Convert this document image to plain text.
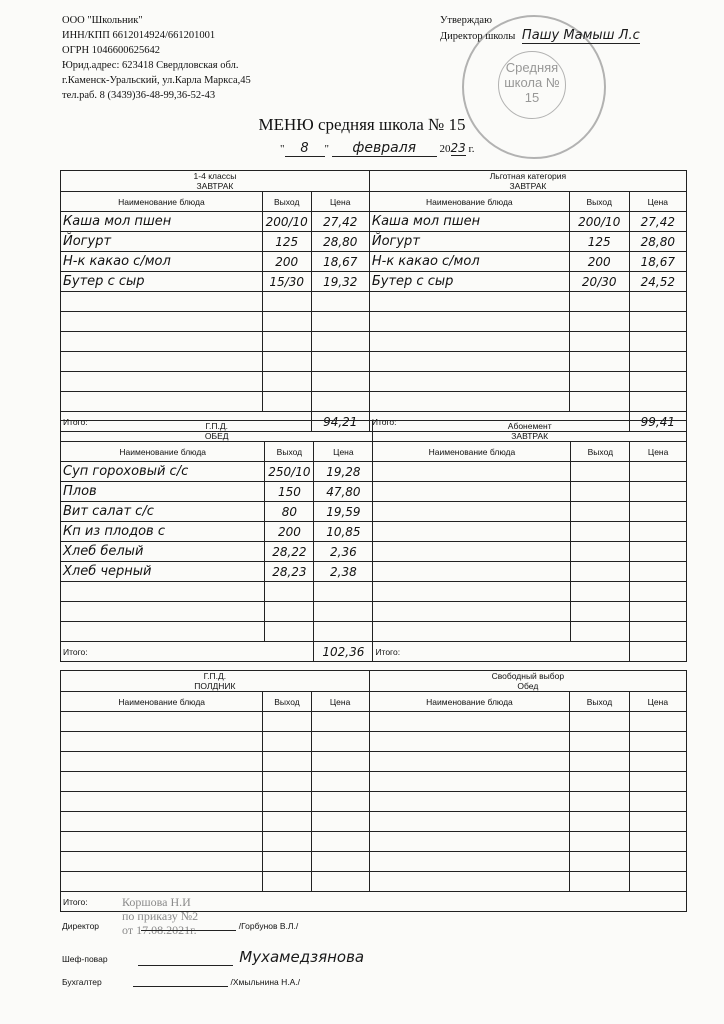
ООО "Школьник"
ИНН/КПП 6612014924/661201001
ОГРН 1046600625642
Юрид.адрес: 623418 Свердловская обл.
г.Каменск-Уральский, ул.Карла Маркса,45
тел.раб. 8 (3439)36-48-99,36-52-43
Средняя школа № 15
Утверждаю
Директор школы Пашу Мамыш Л.с
МЕНЮ средняя школа № 15
" 8 " февраля 2023 г.
1-4 классы
ЗАВТРАК			Льготная категория
ЗАВТРАК		
Наименование блюда	Выход	Цена	Наименование блюда	Выход	Цена
Каша мол пшен	200/10	27,42	Каша мол пшен	200/10	27,42
Йогурт	125	28,80	Йогурт	125	28,80
Н-к какао с/мол	200	18,67	Н-к какао с/мол	200	18,67
Бутер с сыр	15/30	19,32	Бутер с сыр	20/30	24,52

Итого:		94,21	Итого:		99,41
Г.П.Д.
ОБЕД			Абонемент
ЗАВТРАК		
Наименование блюда	Выход	Цена	Наименование блюда	Выход	Цена
Суп гороховый с/с	250/10	19,28			
Плов	150	47,80			
Вит салат с/с	80	19,59			
Кп из плодов с	200	10,85			
Хлеб белый	28,22	2,36			
Хлеб черный	28,23	2,38			

Итого:		102,36	Итого:		
Г.П.Д.
ПОЛДНИК			Свободный выбор
Обед		
Наименование блюда	Выход	Цена	Наименование блюда	Выход	Цена

Итого:						Коршова Н.И
по приказу №2
от 17.08.2021г.
Директор	/Горбунов В.Л./
Шеф-повар	Мухамедзянова
Бухгалтер	/Хмыльнина Н.А./
